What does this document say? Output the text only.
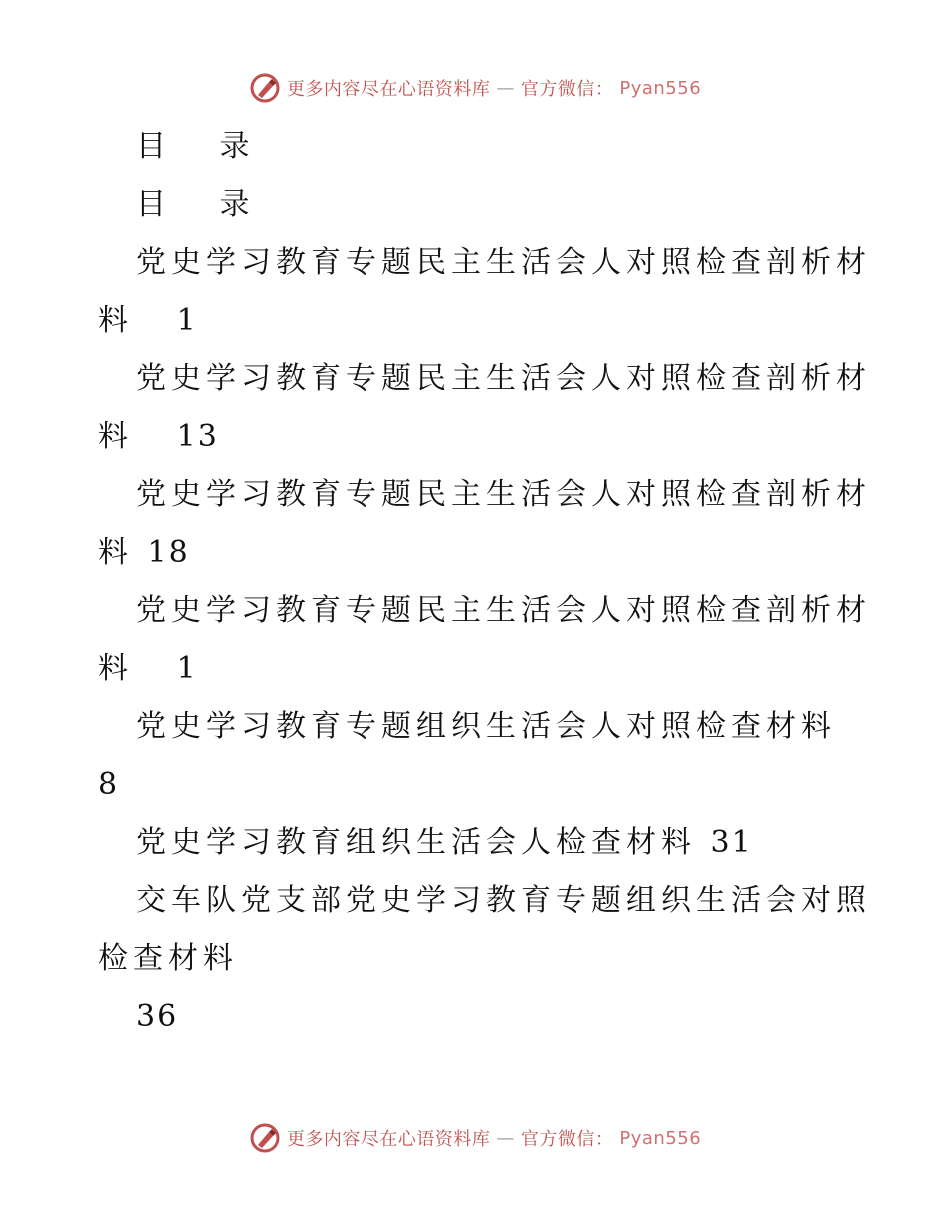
更多内容尽在心语资料库 — 官方微信： Pyan556

目 录

目 录

党史学习教育专题民主生活会人对照检查剖析材

料 1

党史学习教育专题民主生活会人对照检查剖析材

料 13

党史学习教育专题民主生活会人对照检查剖析材

料 18

党史学习教育专题民主生活会人对照检查剖析材

料 1

党史学习教育专题组织生活会人对照检查材料

8

党史学习教育组织生活会人检查材料 31

交车队党支部党史学习教育专题组织生活会对照

检查材料

36

更多内容尽在心语资料库 — 官方微信： Pyan556
